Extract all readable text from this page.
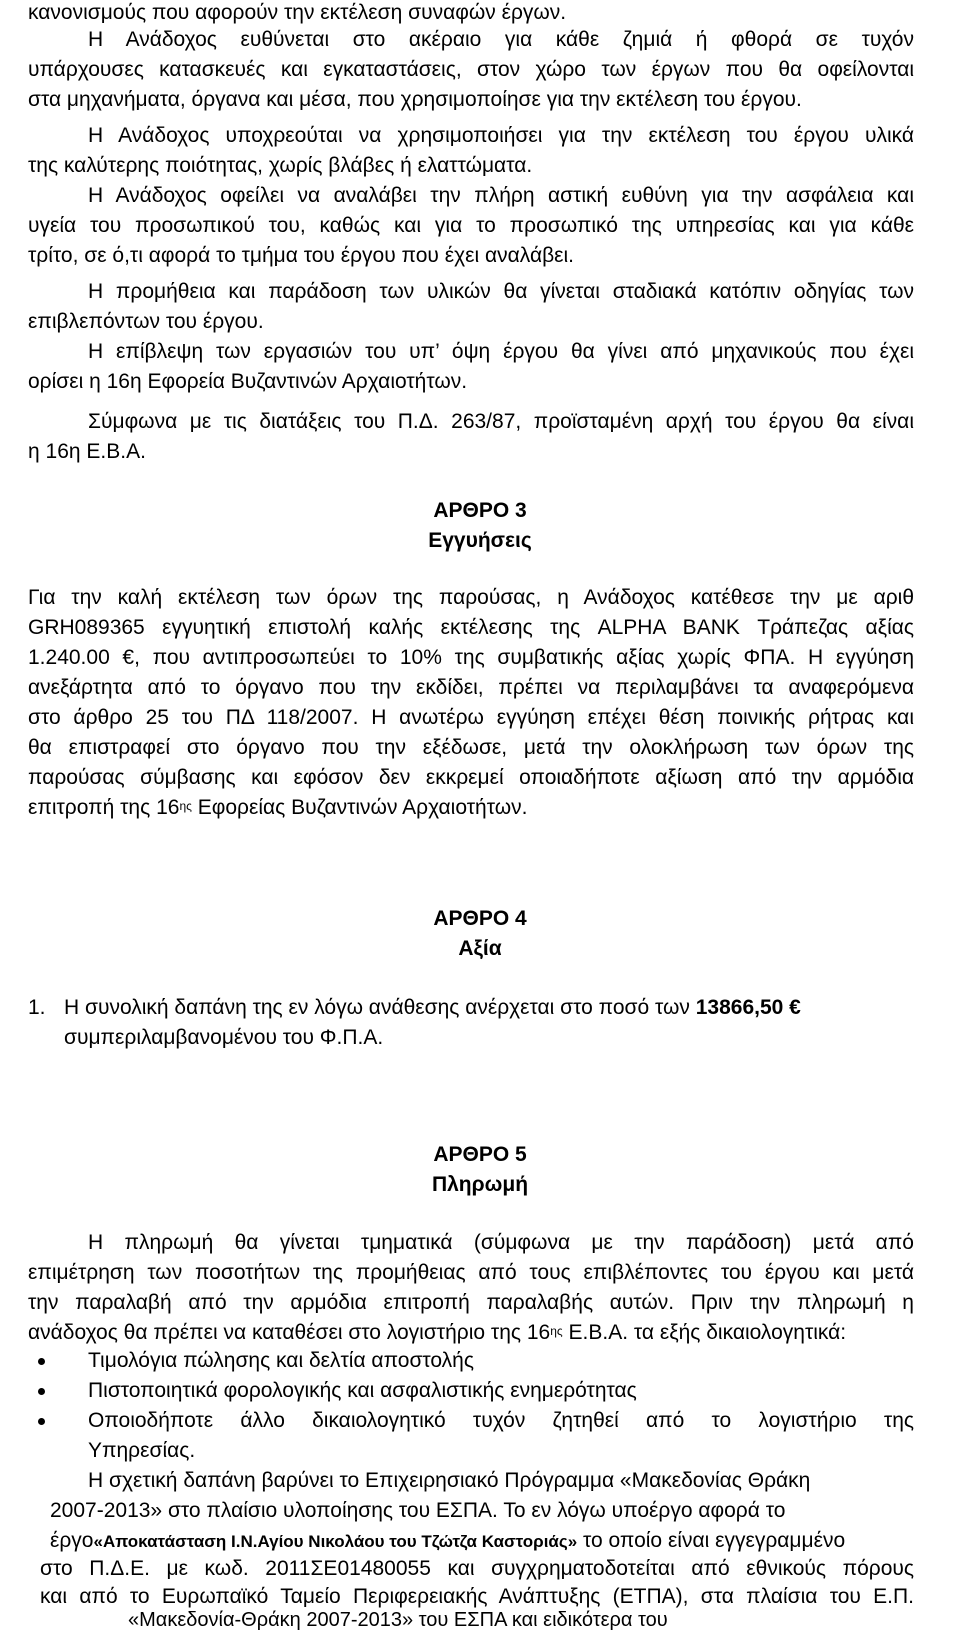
κανονισμούς που αφορούν την εκτέλεση συναφών έργων.
Η Ανάδοχος ευθύνεται στο ακέραιο για κάθε ζημιά ή φθορά σε τυχόν
υπάρχουσες κατασκευές και εγκαταστάσεις, στον χώρο των έργων που θα οφείλονται
στα μηχανήματα, όργανα και μέσα, που χρησιμοποίησε για την εκτέλεση του έργου.
Η Ανάδοχος υποχρεούται να χρησιμοποιήσει για την εκτέλεση του έργου υλικά
της καλύτερης ποιότητας, χωρίς βλάβες ή ελαττώματα.
Η Ανάδοχος οφείλει να αναλάβει την πλήρη αστική ευθύνη για την ασφάλεια και
υγεία του προσωπικού του, καθώς και για το προσωπικό της υπηρεσίας και για κάθε
τρίτο, σε ό,τι αφορά το τμήμα του έργου που έχει αναλάβει.
Η προμήθεια και παράδοση των υλικών θα γίνεται σταδιακά κατόπιν οδηγίας των
επιβλεπόντων του έργου.
Η επίβλεψη των εργασιών του υπ’ όψη έργου θα γίνει από μηχανικούς που έχει
ορίσει η 16η Εφορεία Βυζαντινών Αρχαιοτήτων.
Σύμφωνα με τις διατάξεις του Π.Δ. 263/87, προϊσταμένη αρχή του έργου θα είναι
η 16η Ε.Β.Α.
ΑΡΘΡΟ 3
Εγγυήσεις
Για την καλή εκτέλεση των όρων της παρούσας, η Ανάδοχος κατέθεσε την με αριθ
GRH089365 εγγυητική επιστολή καλής εκτέλεσης της ALPHA BANK Τράπεζας αξίας
1.240.00 €, που αντιπροσωπεύει το 10% της συμβατικής αξίας χωρίς ΦΠΑ. Η εγγύηση
ανεξάρτητα από το όργανο που την εκδίδει, πρέπει να περιλαμβάνει τα αναφερόμενα
στο άρθρο 25 του ΠΔ 118/2007. Η ανωτέρω εγγύηση επέχει θέση ποινικής ρήτρας και
θα επιστραφεί στο όργανο που την εξέδωσε, μετά την ολοκλήρωση των όρων της
παρούσας σύμβασης και εφόσον δεν εκκρεμεί οποιαδήποτε αξίωση από την αρμόδια
επιτροπή της $16^{\eta\varsigma}$ Εφορείας Βυζαντινών Αρχαιοτήτων.
ΑΡΘΡΟ 4
Αξία
1. Η συνολική δαπάνη της εν λόγω ανάθεσης ανέρχεται στο ποσό των 13866,50 €
συμπεριλαμβανομένου του Φ.Π.Α.
ΑΡΘΡΟ 5
Πληρωμή
Η πληρωμή θα γίνεται τμηματικά (σύμφωνα με την παράδοση) μετά από
επιμέτρηση των ποσοτήτων της προμήθειας από τους επιβλέποντες του έργου και μετά
την παραλαβή από την αρμόδια επιτροπή παραλαβής αυτών. Πριν την πληρωμή η
ανάδοχος θα πρέπει να καταθέσει στο λογιστήριο της $16^{\eta\varsigma}$ Ε.Β.Α. τα εξής δικαιολογητικά:
Τιμολόγια πώλησης και δελτία αποστολής
Πιστοποιητικά φορολογικής και ασφαλιστικής ενημερότητας
Οποιοδήποτε άλλο δικαιολογητικό τυχόν ζητηθεί από το λογιστήριο της
Υπηρεσίας.
Η σχετική δαπάνη βαρύνει το Επιχειρησιακό Πρόγραμμα «Μακεδονίας Θράκη
2007-2013» στο πλαίσιο υλοποίησης του ΕΣΠΑ. Το εν λόγω υποέργο αφορά το
έργο«Αποκατάσταση Ι.Ν.Αγίου Νικολάου του Τζώτζα Καστοριάς» το οποίο είναι εγγεγραμμένο
στο Π.Δ.Ε. με κωδ. 2011ΣΕ01480055 και συγχρηματοδοτείται από εθνικούς πόρους
και από το Ευρωπαϊκό Ταμείο Περιφερειακής Ανάπτυξης (ΕΤΠΑ), στα πλαίσια του Ε.Π.
«Μακεδονία-Θράκη 2007-2013» του ΕΣΠΑ και ειδικότερα του
